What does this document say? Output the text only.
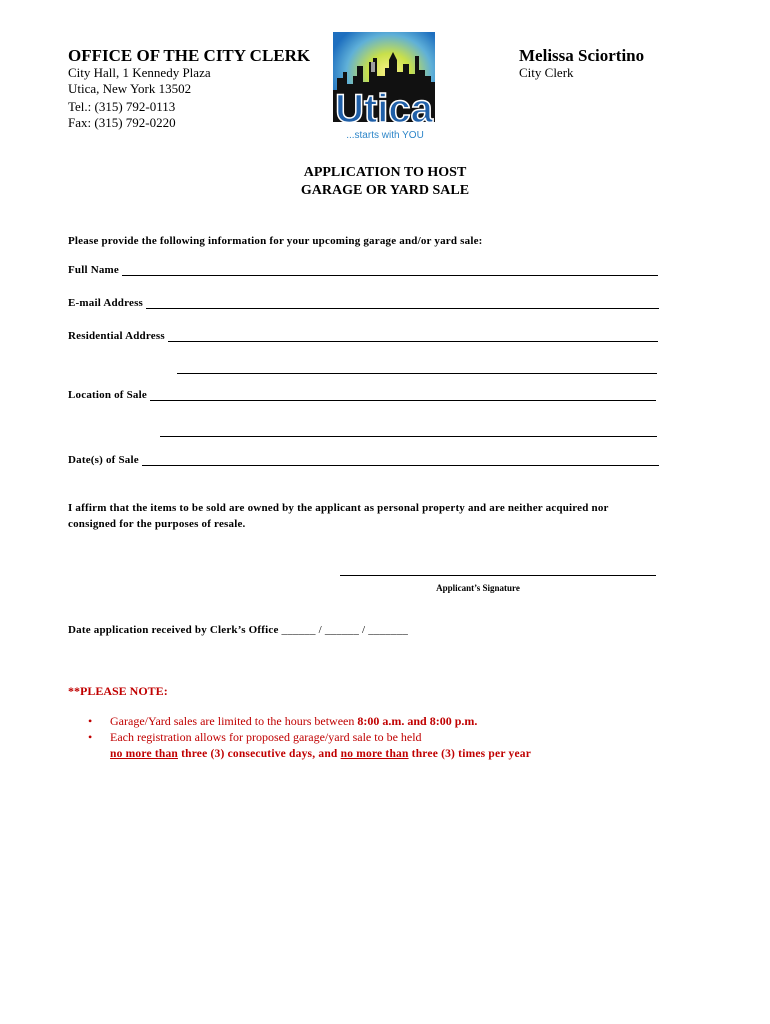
OFFICE OF THE CITY CLERK
City Hall, 1 Kennedy Plaza
Utica, New York 13502
Tel.: (315) 792-0113
Fax: (315) 792-0220
Melissa Sciortino
City Clerk
Utica
...starts with YOU
APPLICATION TO HOST
GARAGE OR YARD SALE
Please provide the following information for your upcoming garage and/or yard sale:
Full Name
E-mail Address
Residential Address
Location of Sale
Date(s) of Sale
I affirm that the items to be sold are owned by the applicant as personal property and are neither acquired nor
consigned for the purposes of resale.
Applicant’s Signature
Date application received by Clerk’s Office ______ / ______ / _______
**PLEASE NOTE:
• Garage/Yard sales are limited to the hours between 8:00 a.m. and 8:00 p.m.
• Each registration allows for proposed garage/yard sale to be held
no more than three (3) consecutive days, and no more than three (3) times per year
